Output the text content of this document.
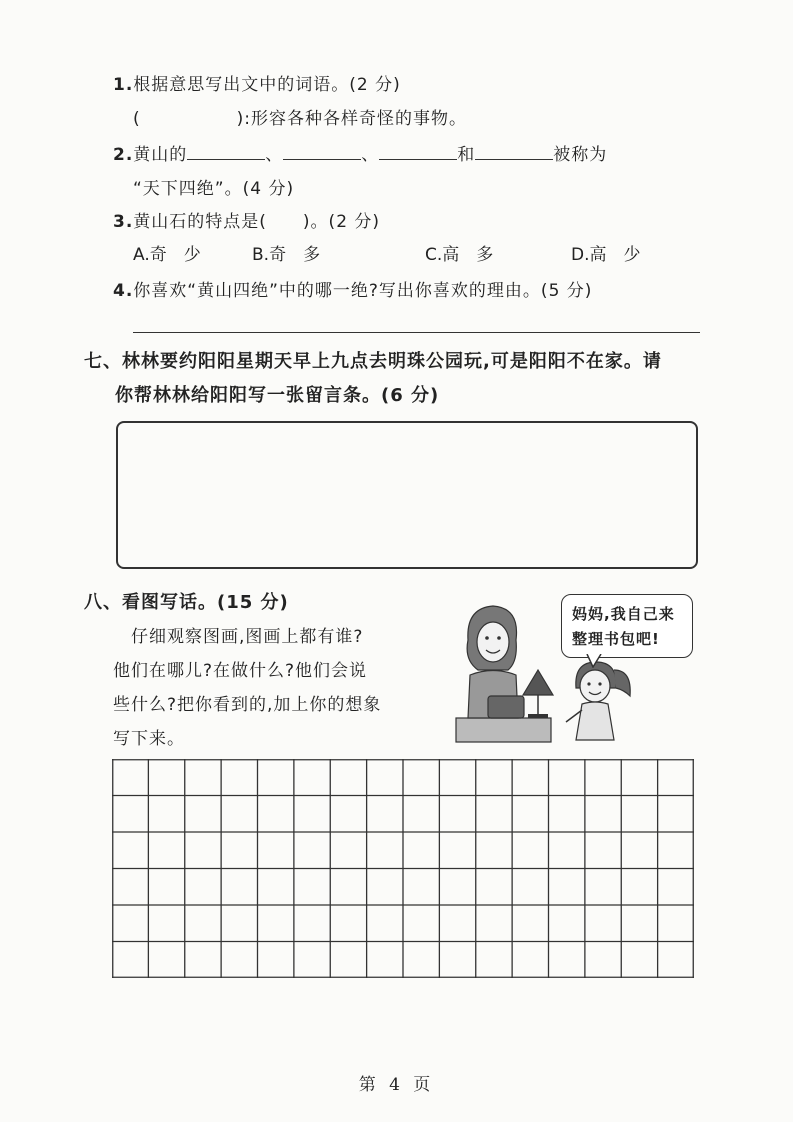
1.根据意思写出文中的词语。(2 分)
(	):形容各种各样奇怪的事物。
2.黄山的	、	、	和	被称为
“天下四绝”。(4 分)
3.黄山石的特点是(　　)。(2 分)
A.奇　少	B.奇　多	C.高　多	D.高　少
4.你喜欢“黄山四绝”中的哪一绝?写出你喜欢的理由。(5 分)
七、林林要约阳阳星期天早上九点去明珠公园玩,可是阳阳不在家。请
你帮林林给阳阳写一张留言条。(6 分)
八、看图写话。(15 分)
仔细观察图画,图画上都有谁?
他们在哪儿?在做什么?他们会说
些什么?把你看到的,加上你的想象
写下来。
妈妈,我自己来
整理书包吧!
第 4 页
